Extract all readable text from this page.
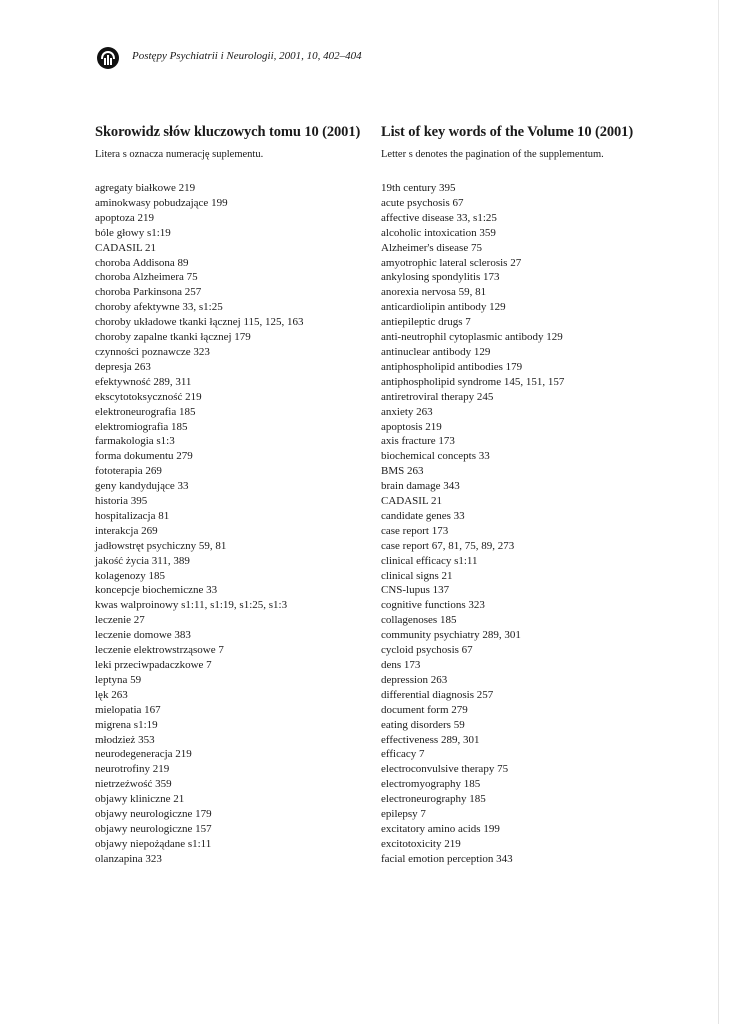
Postępy Psychiatrii i Neurologii, 2001, 10, 402–404
Skorowidz słów kluczowych tomu 10 (2001)

Litera s oznacza numerację suplementu.

agregaty białkowe 219
aminokwasy pobudzające 199
apoptoza 219
bóle głowy s1:19
CADASIL 21
choroba Addisona 89
choroba Alzheimera 75
choroba Parkinsona 257
choroby afektywne 33, s1:25
choroby układowe tkanki łącznej 115, 125, 163
choroby zapalne tkanki łącznej 179
czynności poznawcze 323
depresja 263
efektywność 289, 311
ekscytotoksyczność 219
elektroneurografia 185
elektromiografia 185
farmakologia s1:3
forma dokumentu 279
fototerapia 269
geny kandydujące 33
historia 395
hospitalizacja 81
interakcja 269
jadłowstręt psychiczny 59, 81
jakość życia 311, 389
kolagenozy 185
koncepcje biochemiczne 33
kwas walproinowy s1:11, s1:19, s1:25, s1:3
leczenie 27
leczenie domowe 383
leczenie elektrowstrząsowe 7
leki przeciwpadaczkowe 7
leptyna 59
lęk 263
mielopatia 167
migrena s1:19
młodzież 353
neurodegeneracja 219
neurotrofiny 219
nietrzeźwość 359
objawy kliniczne 21
objawy neurologiczne 179
objawy neurologiczne 157
objawy niepożądane s1:11
olanzapina 323
List of key words of the Volume 10 (2001)

Letter s denotes the pagination of the supplementum.

19th century 395
acute psychosis 67
affective disease 33, s1:25
alcoholic intoxication 359
Alzheimer's disease 75
amyotrophic lateral sclerosis 27
ankylosing spondylitis 173
anorexia nervosa 59, 81
anticardiolipin antibody 129
antiepileptic drugs 7
anti-neutrophil cytoplasmic antibody 129
antinuclear antibody 129
antiphospholipid antibodies 179
antiphospholipid syndrome 145, 151, 157
antiretroviral therapy 245
anxiety 263
apoptosis 219
axis fracture 173
biochemical concepts 33
BMS 263
brain damage 343
CADASIL 21
candidate genes 33
case report 173
case report 67, 81, 75, 89, 273
clinical efficacy s1:11
clinical signs 21
CNS-lupus 137
cognitive functions 323
collagenoses 185
community psychiatry 289, 301
cycloid psychosis 67
dens 173
depression 263
differential diagnosis 257
document form 279
eating disorders 59
effectiveness 289, 301
efficacy 7
electroconvulsive therapy 75
electromyography 185
electroneurography 185
epilepsy 7
excitatory amino acids 199
excitotoxicity 219
facial emotion perception 343
